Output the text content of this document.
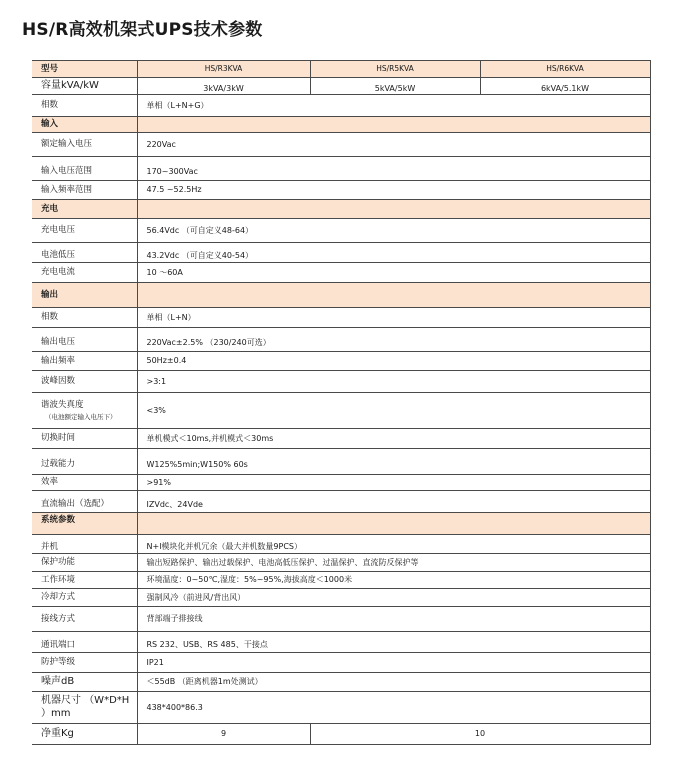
HS/R高效机架式UPS技术参数
型号	HS/R3KVA	HS/R5KVA	HS/R6KVA
容量kVA/kW	3kVA/3kW	5kVA/5kW	6kVA/5.1kW
相数	单相（L+N+G）		
输入			
额定输入电压	220Vac		
输入电压范围	170~300Vac		
输入频率范围	47.5 ~52.5Hz		
充电			
充电电压	56.4Vdc （可自定义48-64）		
电池低压	43.2Vdc （可自定义40-54）		
充电电流	10 ～60A		
输出			
相数	单相（L+N）		
输出电压	220Vac±2.5% （230/240可选）		
输出频率	50Hz±0.4		
波峰因数	>3:1		
谐波失真度
（电池额定输入电压下）	<3%		
切换时间	单机模式＜10ms,并机模式＜30ms		
过载能力	W125%5min;W150% 60s		
效率	>91%		
直流输出（选配）	IZVdc、24Vde		
系统参数			
并机	N+l模块化并机冗余（最大并机数量9PCS）		
保护功能	输出短路保护、输出过载保护、电池高低压保护、过温保护、直流防反保护等		
工作环境	环境温度：0~50℃,湿度：5%~95%,海拔高度＜1000米		
冷却方式	强制风冷（前进风/背出风）		
接线方式	背部端子排接线		
通讯端口	RS 232、USB、RS 485、干接点		
防护等级	IP21		
噪声dB	＜55dB （距离机器1m处测试）		
机器尺寸 （W*D*H ）mm	438*400*86.3		
净重Kg	9	10	
